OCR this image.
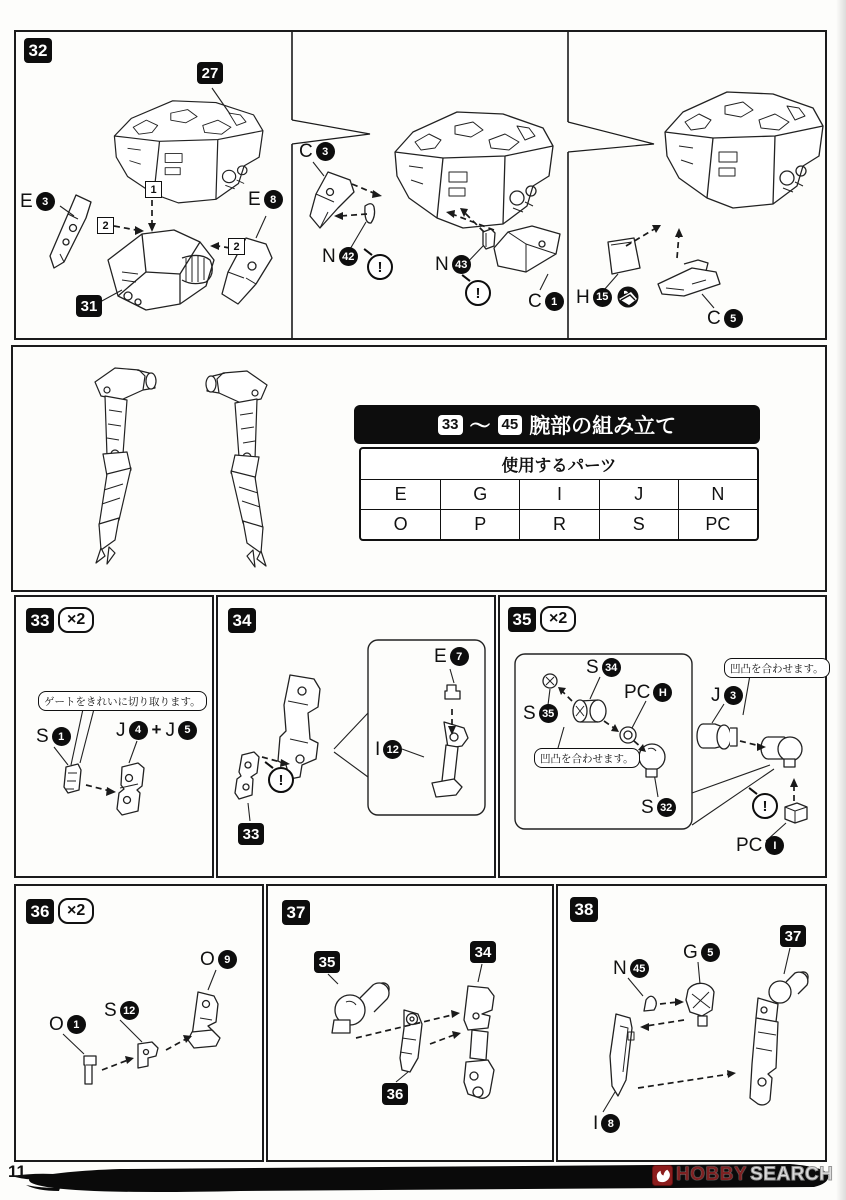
32
27
31
1
2
2
E 3	E 8
C 3
N 42
!	N 43
!	C 1 H 15
C 5
33 〜 45 腕部の組み立て
使用するパーツ
E	G	I	J	N
O	P	R	S	PC
33	×2
ゲートをきれいに切り取ります。
S 1	J 4 + J 5
34
33
!
E 7
I 12
35	×2
S 34
S 35
PC H
凹凸を合わせます。
S 32
J 3
凹凸を合わせます。
!
PC I
36	×2
O 9
S 12
O 1
37
35
34
36
38
37
N 45
G 5
I 8
11	HOBBY SEARCH
